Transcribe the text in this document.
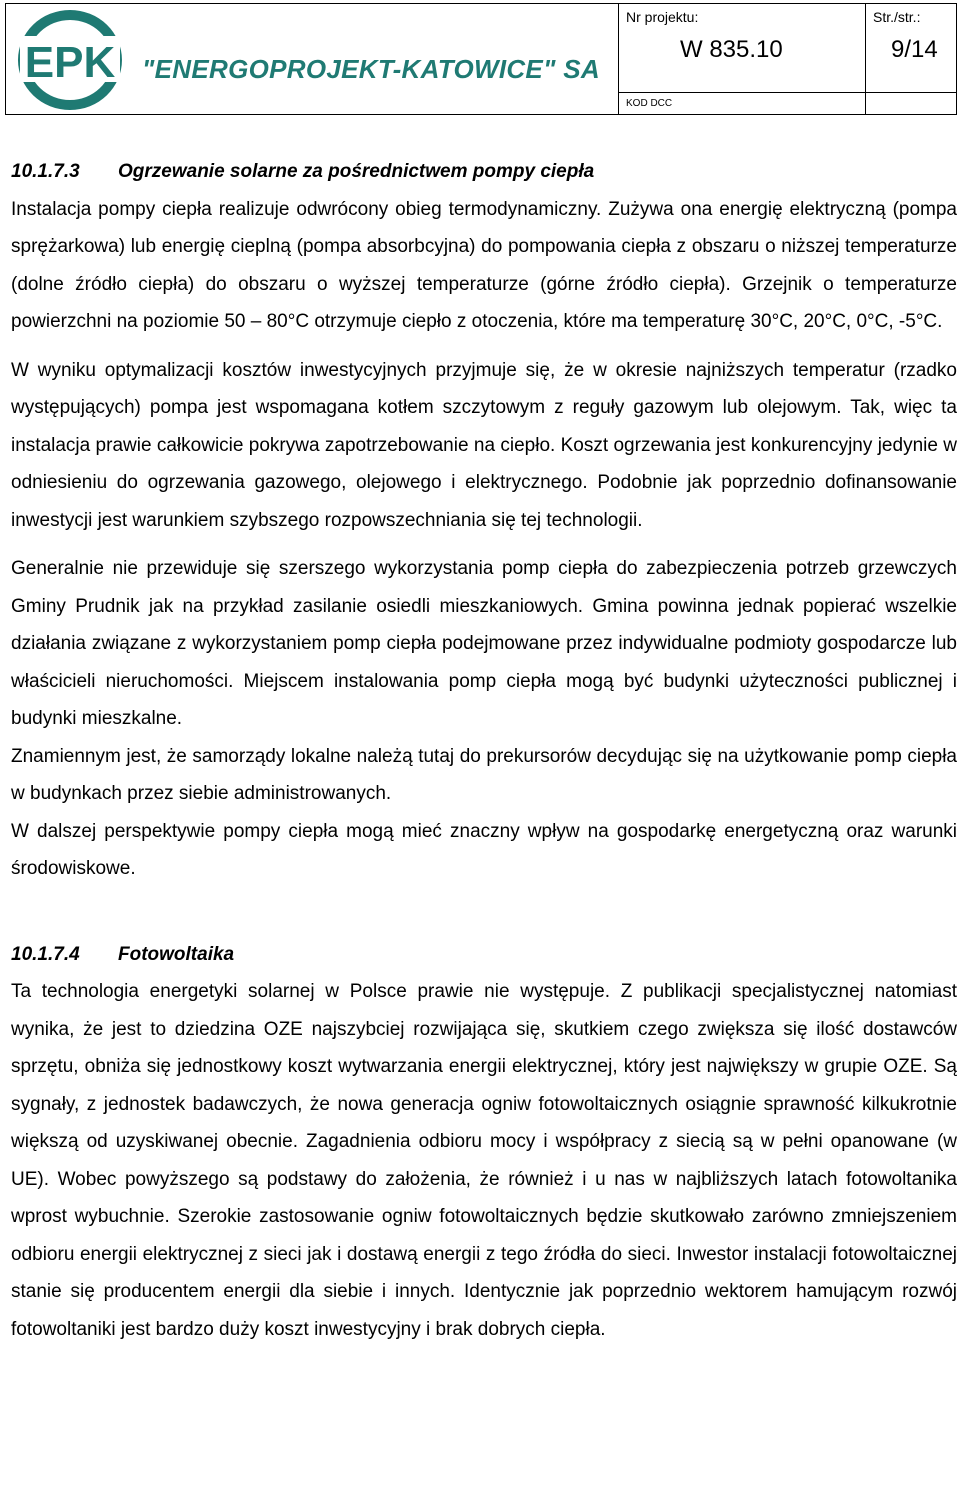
EPK "ENERGOPROJEKT-KATOWICE" SA
Nr projektu:
W 835.10
Str./str.:
9/14
KOD DCC
10.1.7.3 Ogrzewanie solarne za pośrednictwem pompy ciepła

Instalacja pompy ciepła realizuje odwrócony obieg termodynamiczny. Zużywa ona energię elektryczną (pompa sprężarkowa) lub energię cieplną (pompa absorbcyjna) do pompowania ciepła z obszaru o niższej temperaturze (dolne źródło ciepła) do obszaru o wyższej temperaturze (górne źródło ciepła). Grzejnik o temperaturze powierzchni na poziomie 50 – 80°C otrzymuje ciepło z otoczenia, które ma temperaturę 30°C, 20°C, 0°C, -5°C.

W wyniku optymalizacji kosztów inwestycyjnych przyjmuje się, że w okresie najniższych temperatur (rzadko występujących) pompa jest wspomagana kotłem szczytowym z reguły gazowym lub olejowym. Tak, więc ta instalacja prawie całkowicie pokrywa zapotrzebowanie na ciepło. Koszt ogrzewania jest konkurencyjny jedynie w odniesieniu do ogrzewania gazowego, olejowego i elektrycznego. Podobnie jak poprzednio dofinansowanie inwestycji jest warunkiem szybszego rozpowszechniania się tej technologii.

Generalnie nie przewiduje się szerszego wykorzystania pomp ciepła do zabezpieczenia potrzeb grzewczych Gminy Prudnik jak na przykład zasilanie osiedli mieszkaniowych. Gmina powinna jednak popierać wszelkie działania związane z wykorzystaniem pomp ciepła podejmowane przez indywidualne podmioty gospodarcze lub właścicieli nieruchomości. Miejscem instalowania pomp ciepła mogą być budynki użyteczności publicznej i budynki mieszkalne.

Znamiennym jest, że samorządy lokalne należą tutaj do prekursorów decydując się na użytkowanie pomp ciepła w budynkach przez siebie administrowanych.

W dalszej perspektywie pompy ciepła mogą mieć znaczny wpływ na gospodarkę energetyczną oraz warunki środowiskowe.

10.1.7.4 Fotowoltaika

Ta technologia energetyki solarnej w Polsce prawie nie występuje. Z publikacji specjalistycznej natomiast wynika, że jest to dziedzina OZE najszybciej rozwijająca się, skutkiem czego zwiększa się ilość dostawców sprzętu, obniża się jednostkowy koszt wytwarzania energii elektrycznej, który jest największy w grupie OZE. Są sygnały, z jednostek badawczych, że nowa generacja ogniw fotowoltaicznych osiągnie sprawność kilkukrotnie większą od uzyskiwanej obecnie. Zagadnienia odbioru mocy i współpracy z siecią są w pełni opanowane (w UE). Wobec powyższego są podstawy do założenia, że również i u nas w najbliższych latach fotowoltanika wprost wybuchnie. Szerokie zastosowanie ogniw fotowoltaicznych będzie skutkowało zarówno zmniejszeniem odbioru energii elektrycznej z sieci jak i dostawą energii z tego źródła do sieci. Inwestor instalacji fotowoltaicznej stanie się producentem energii dla siebie i innych. Identycznie jak poprzednio wektorem hamującym rozwój fotowoltaniki jest bardzo duży koszt inwestycyjny i brak dobrych ciepła.
